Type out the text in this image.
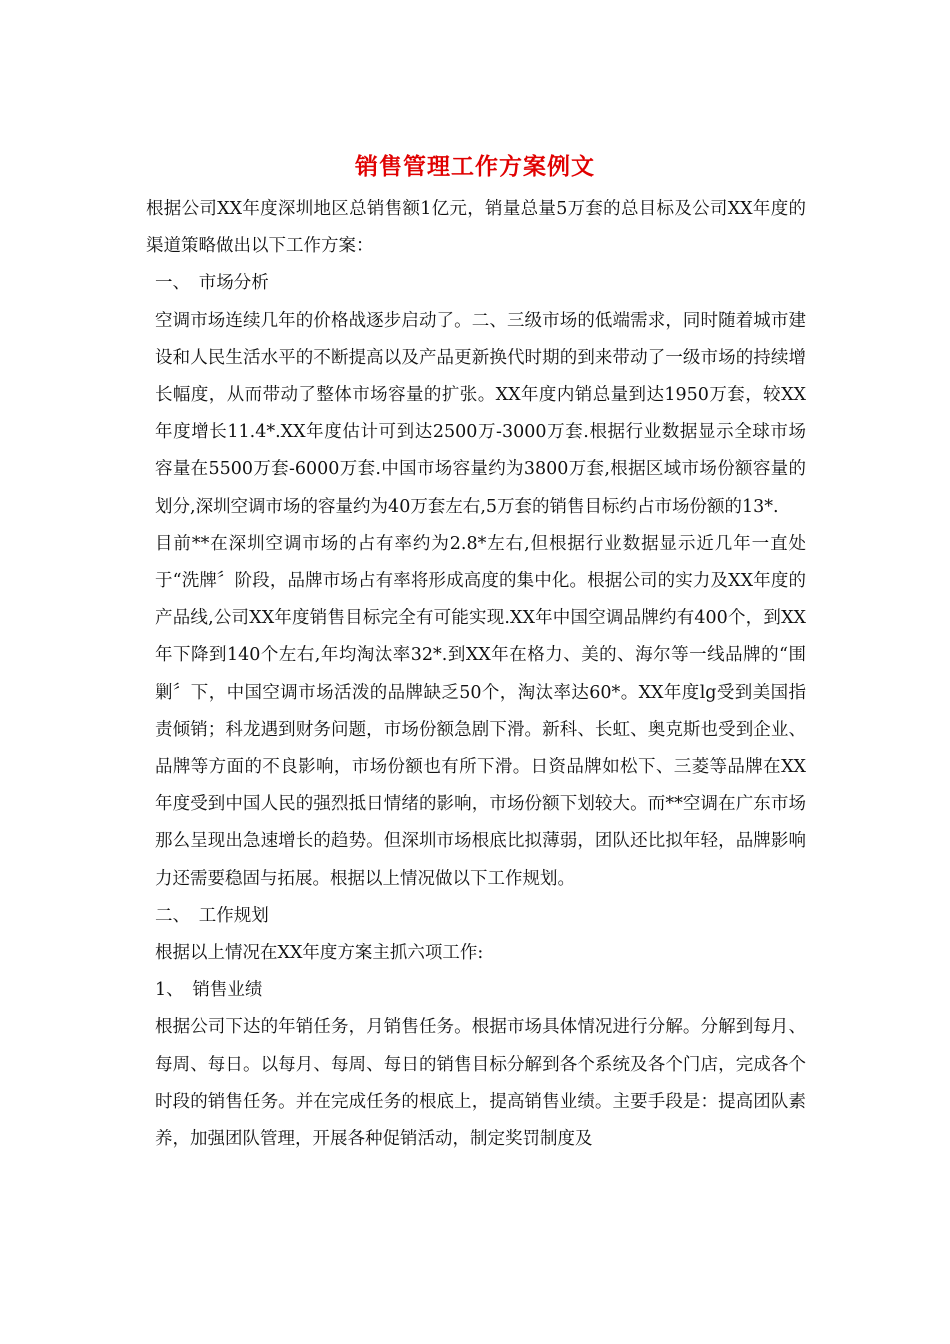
销售管理工作方案例文

根据公司XX年度深圳地区总销售额1亿元，销量总量5万套的总目标及公司XX年度的渠道策略做出以下工作方案：

一、　市场分析

空调市场连续几年的价格战逐步启动了。二、三级市场的低端需求，同时随着城市建设和人民生活水平的不断提高以及产品更新换代时期的到来带动了一级市场的持续增长幅度，从而带动了整体市场容量的扩张。XX年度内销总量到达1950万套，较XX年度增长11.4*.XX年度估计可到达2500万-3000万套.根据行业数据显示全球市场容量在5500万套-6000万套.中国市场容量约为3800万套,根据区域市场份额容量的划分,深圳空调市场的容量约为40万套左右,5万套的销售目标约占市场份额的13*.

目前**在深圳空调市场的占有率约为2.8*左右,但根据行业数据显示近几年一直处于“洗牌〞阶段，品牌市场占有率将形成高度的集中化。根据公司的实力及XX年度的产品线,公司XX年度销售目标完全有可能实现.XX年中国空调品牌约有400个，到XX年下降到140个左右,年均淘汰率32*.到XX年在格力、美的、海尔等一线品牌的“围剿〞下，中国空调市场活泼的品牌缺乏50个，淘汰率达60*。XX年度lg受到美国指责倾销；科龙遇到财务问题，市场份额急剧下滑。新科、长虹、奥克斯也受到企业、品牌等方面的不良影响，市场份额也有所下滑。日资品牌如松下、三菱等品牌在XX年度受到中国人民的强烈抵日情绪的影响，市场份额下划较大。而**空调在广东市场那么呈现出急速增长的趋势。但深圳市场根底比拟薄弱，团队还比拟年轻，品牌影响力还需要稳固与拓展。根据以上情况做以下工作规划。

二、　工作规划

根据以上情况在XX年度方案主抓六项工作:

1、　销售业绩

根据公司下达的年销任务，月销售任务。根据市场具体情况进行分解。分解到每月、每周、每日。以每月、每周、每日的销售目标分解到各个系统及各个门店，完成各个时段的销售任务。并在完成任务的根底上，提高销售业绩。主要手段是：提高团队素养，加强团队管理，开展各种促销活动，制定奖罚制度及
